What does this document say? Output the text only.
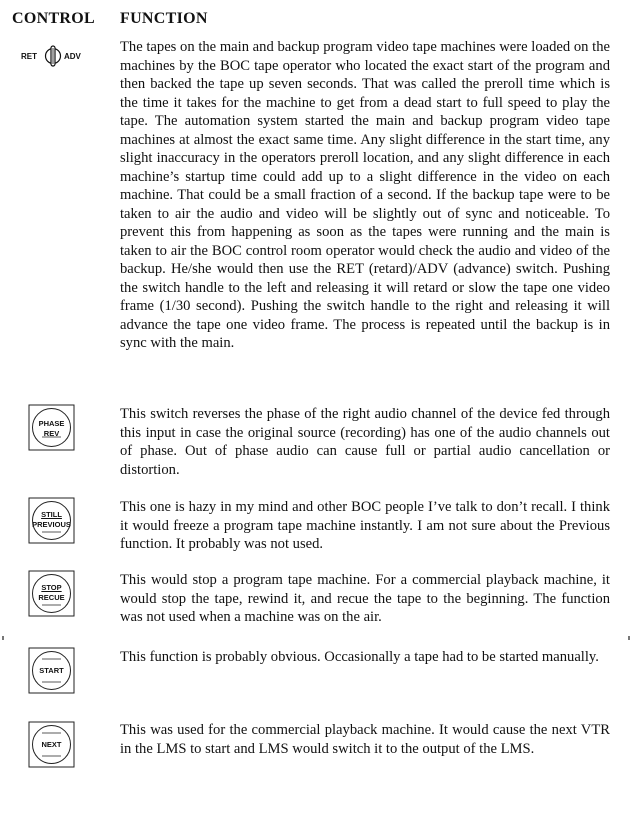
CONTROL FUNCTION
RET	ADV

The tapes on the main and backup program video tape machines were loaded on the machines by the BOC tape operator who located the exact start of the program and then backed the tape up seven seconds. That was called the preroll time which is the time it takes for the machine to get from a dead start to full speed to play the tape. The automation system started the main and backup program video tape machines at almost the exact same time. Any slight difference in the start time, any slight inaccuracy in the operators preroll location, and any slight difference in each machine’s startup time could add up to a slight difference in the video on each machine. That could be a small fraction of a second. If the backup tape were to be taken to air the audio and video will be slightly out of sync and noticeable. To prevent this from happening as soon as the tapes were running and the main is taken to air the BOC control room operator would check the audio and video of the backup. He/she would then use the RET (retard)/ADV (advance) switch. Pushing the switch handle to the left and releasing it will retard or slow the tape one video frame (1/30 second). Pushing the switch handle to the right and releasing it will advance the tape one video frame. The process is repeated until the backup is in sync with the main.

PHASE
REV

This switch reverses the phase of the right audio channel of the device fed through this input in case the original source (recording) has one of the audio channels out of phase. Out of phase audio can cause full or partial audio cancellation or distortion.

STILL
PREVIOUS

This one is hazy in my mind and other BOC people I’ve talk to don’t recall. I think it would freeze a program tape machine instantly. I am not sure about the Previous function. It probably was not used.

STOP
RECUE

This would stop a program tape machine. For a commercial playback machine, it would stop the tape, rewind it, and recue the tape to the beginning. The function was not used when a machine was on the air.

START

This function is probably obvious. Occasionally a tape had to be started manually.

NEXT

This was used for the commercial playback machine. It would cause the next VTR in the LMS to start and LMS would switch it to the output of the LMS.
